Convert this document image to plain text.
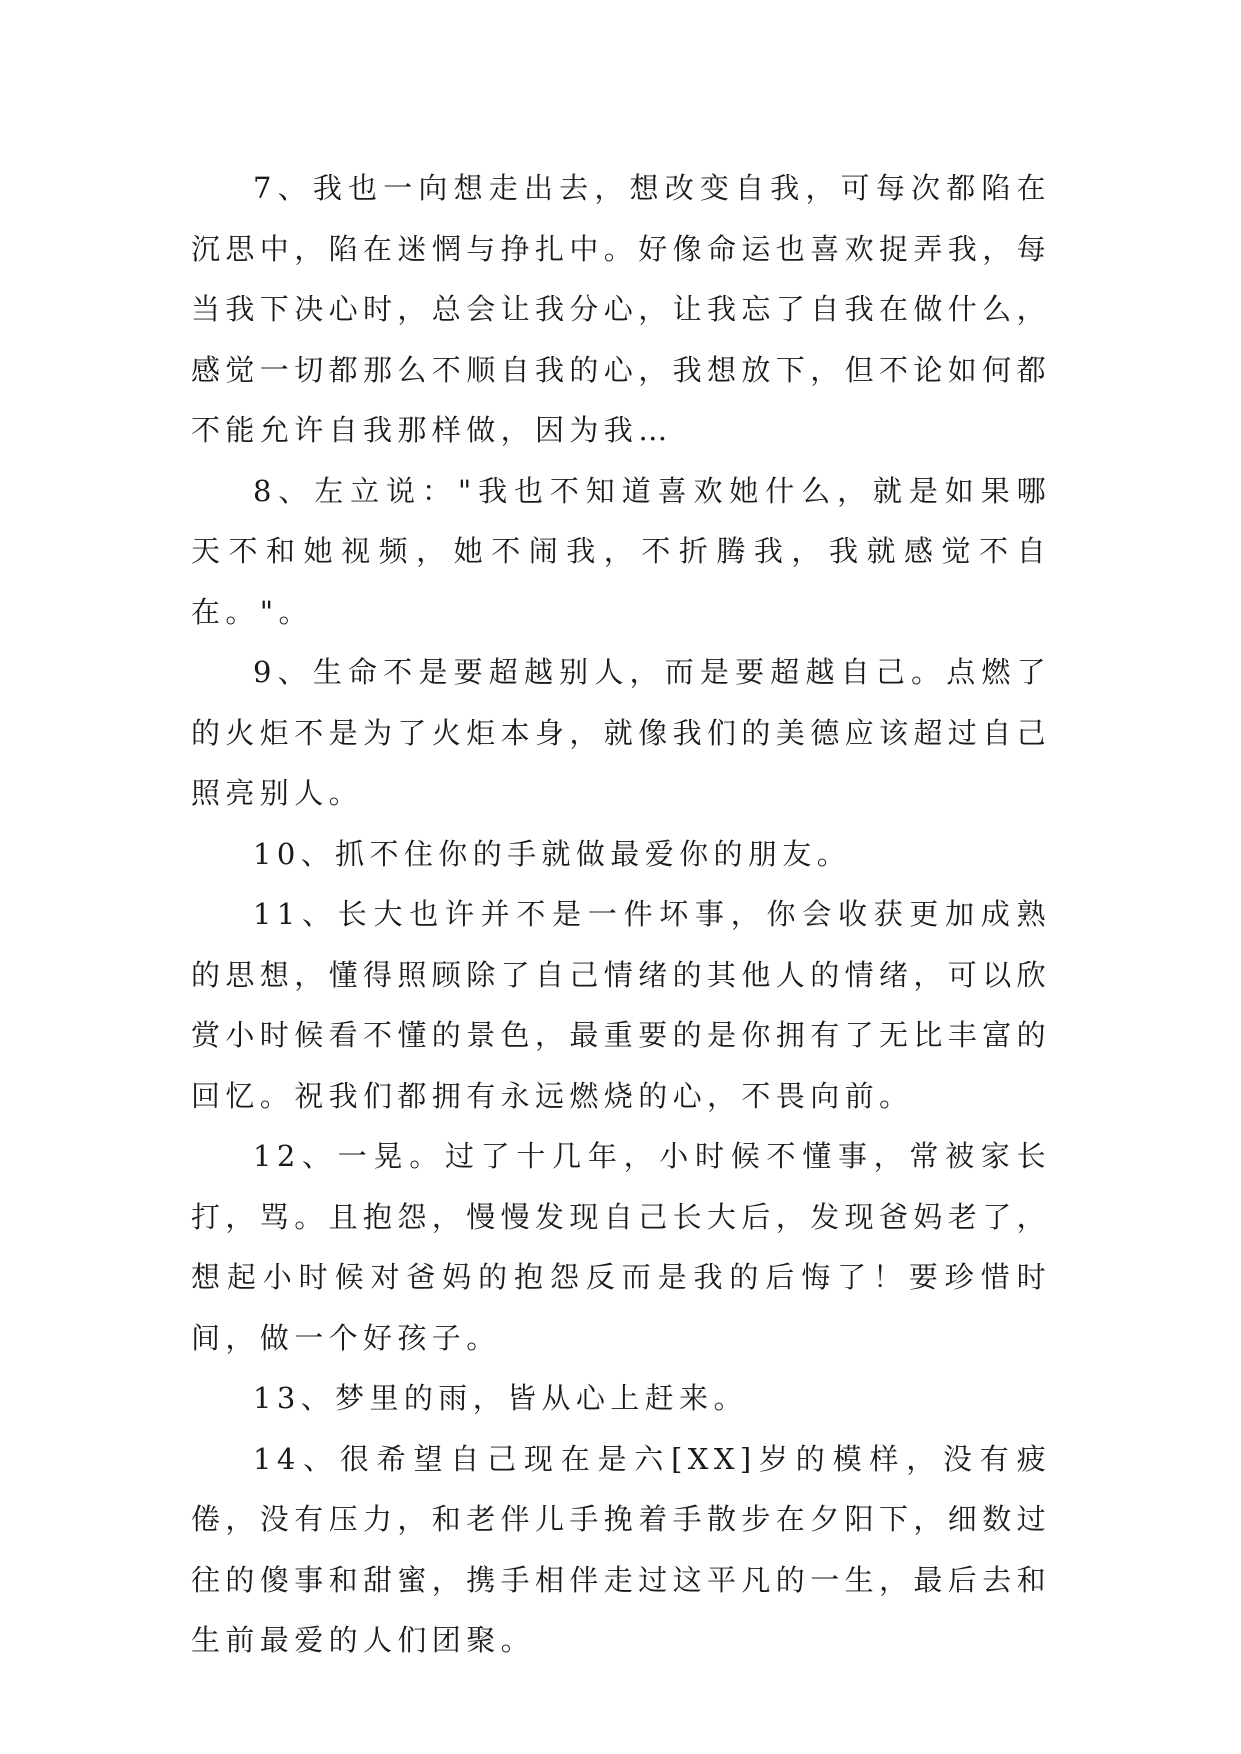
7、我也一向想走出去，想改变自我，可每次都陷在沉思中，陷在迷惘与挣扎中。好像命运也喜欢捉弄我，每当我下决心时，总会让我分心，让我忘了自我在做什么，感觉一切都那么不顺自我的心，我想放下，但不论如何都不能允许自我那样做，因为我…

8、左立说："我也不知道喜欢她什么，就是如果哪天不和她视频，她不闹我，不折腾我，我就感觉不自在。"。

9、生命不是要超越别人，而是要超越自己。点燃了的火炬不是为了火炬本身，就像我们的美德应该超过自己照亮别人。

10、抓不住你的手就做最爱你的朋友。

11、长大也许并不是一件坏事，你会收获更加成熟的思想，懂得照顾除了自己情绪的其他人的情绪，可以欣赏小时候看不懂的景色，最重要的是你拥有了无比丰富的回忆。祝我们都拥有永远燃烧的心，不畏向前。

12、一晃。过了十几年，小时候不懂事，常被家长打，骂。且抱怨，慢慢发现自己长大后，发现爸妈老了，想起小时候对爸妈的抱怨反而是我的后悔了！要珍惜时间，做一个好孩子。

13、梦里的雨，皆从心上赶来。

14、很希望自己现在是六[XX]岁的模样，没有疲倦，没有压力，和老伴儿手挽着手散步在夕阳下，细数过往的傻事和甜蜜，携手相伴走过这平凡的一生，最后去和生前最爱的人们团聚。
